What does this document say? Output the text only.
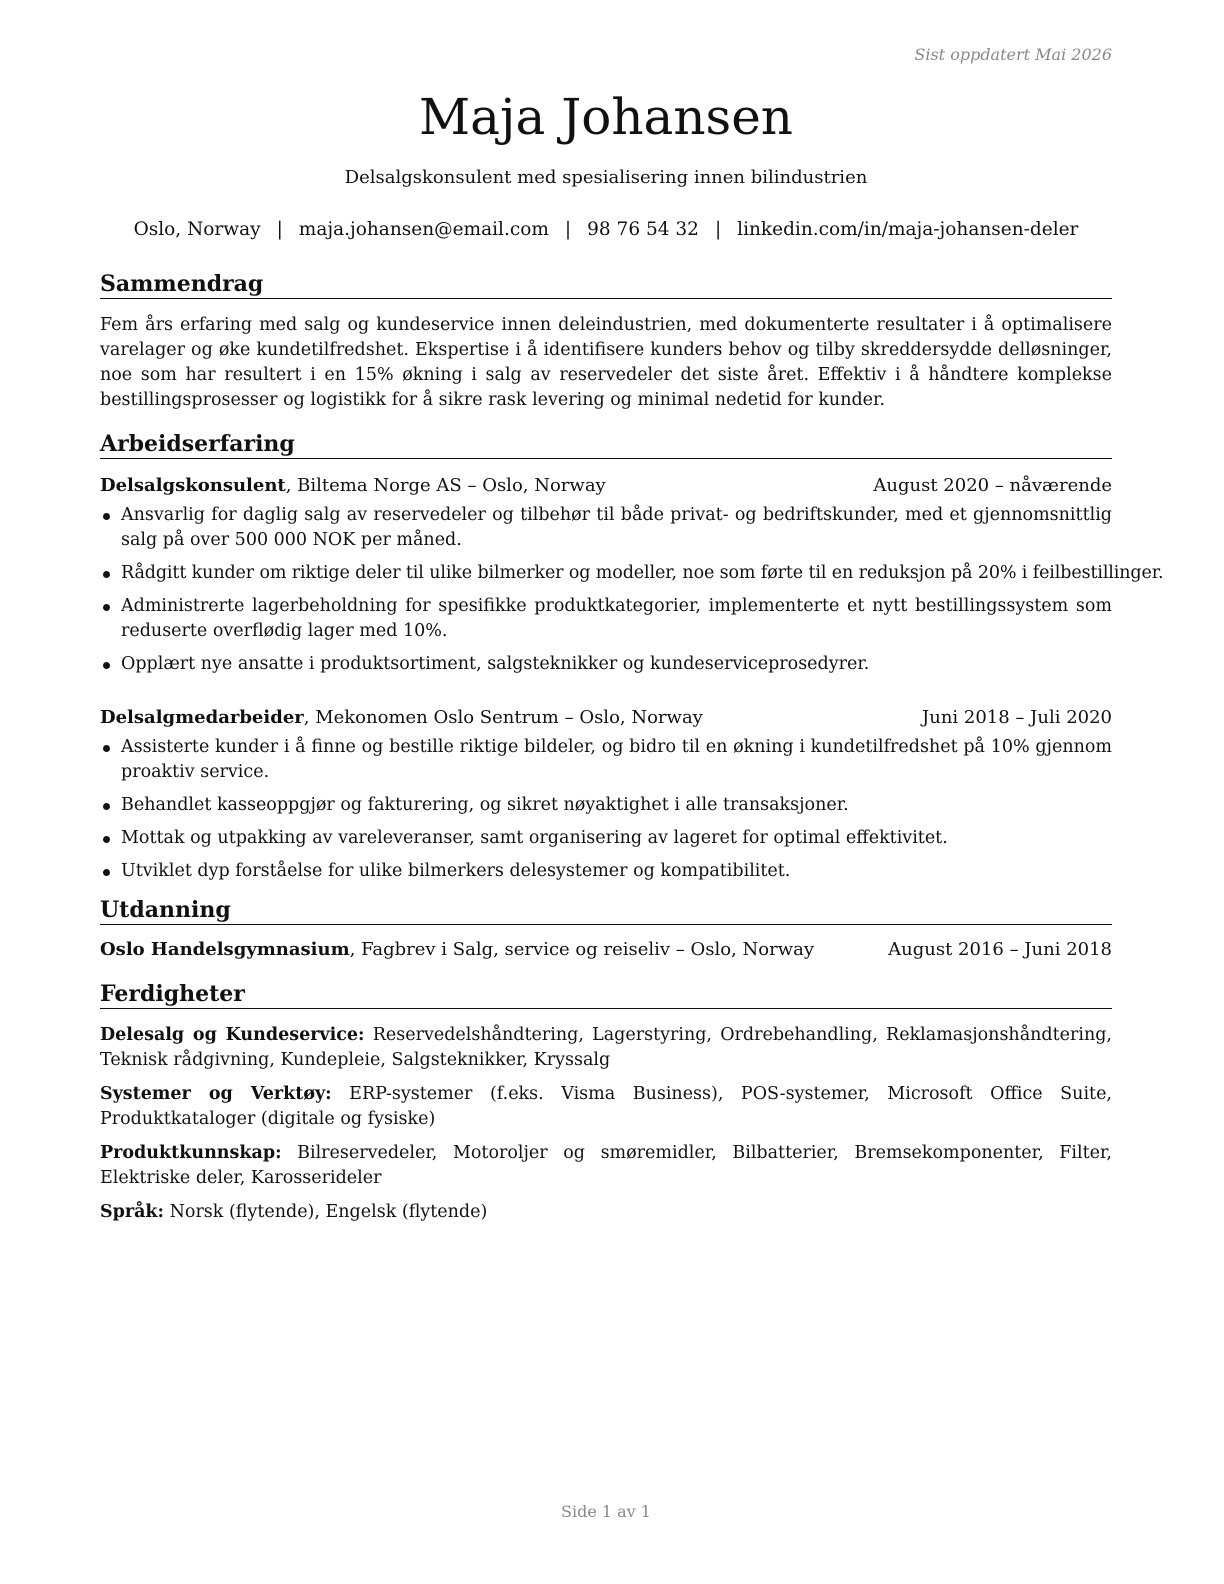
Sist oppdatert Mai 2026
Maja Johansen
Delsalgskonsulent med spesialisering innen bilindustrien
Oslo, Norway | maja.johansen@email.com | 98 76 54 32 | linkedin.com/in/maja-johansen-deler
Sammendrag

Fem års erfaring med salg og kundeservice innen deleindustrien, med dokumenterte resultater i å optimalisere varelager og øke kundetilfredshet. Ekspertise i å identifisere kunders behov og tilby skreddersydde delløsninger, noe som har resultert i en 15% økning i salg av reservedeler det siste året. Effektiv i å håndtere komplekse bestillingsprosesser og logistikk for å sikre rask levering og minimal nedetid for kunder.

Arbeidserfaring
Delsalgskonsulent, Biltema Norge AS – Oslo, Norway	August 2020 – nåværende
Ansvarlig for daglig salg av reservedeler og tilbehør til både privat- og bedriftskunder, med et gjennomsnittlig salg på over 500 000 NOK per måned.
Rådgitt kunder om riktige deler til ulike bilmerker og modeller, noe som førte til en reduksjon på 20% i feilbestillinger.
Administrerte lagerbeholdning for spesifikke produktkategorier, implementerte et nytt bestillingssystem som reduserte overflødig lager med 10%.
Opplært nye ansatte i produktsortiment, salgsteknikker og kundeserviceprosedyrer.
Delsalgmedarbeider, Mekonomen Oslo Sentrum – Oslo, Norway	Juni 2018 – Juli 2020
Assisterte kunder i å finne og bestille riktige bildeler, og bidro til en økning i kundetilfredshet på 10% gjennom proaktiv service.
Behandlet kasseoppgjør og fakturering, og sikret nøyaktighet i alle transaksjoner.
Mottak og utpakking av vareleveranser, samt organisering av lageret for optimal effektivitet.
Utviklet dyp forståelse for ulike bilmerkers delesystemer og kompatibilitet.
Utdanning
Oslo Handelsgymnasium, Fagbrev i Salg, service og reiseliv – Oslo, Norway	August 2016 – Juni 2018
Ferdigheter
Delesalg og Kundeservice: Reservedelshåndtering, Lagerstyring, Ordrebehandling, Reklamasjonshåndtering, Teknisk rådgivning, Kundepleie, Salgsteknikker, Kryssalg
Systemer og Verktøy: ERP-systemer (f.eks. Visma Business), POS-systemer, Microsoft Office Suite, Produktkataloger (digitale og fysiske)
Produktkunnskap: Bilreservedeler, Motoroljer og smøremidler, Bilbatterier, Bremsekomponenter, Filter, Elektriske deler, Karosserideler
Språk: Norsk (flytende), Engelsk (flytende)
Side 1 av 1
